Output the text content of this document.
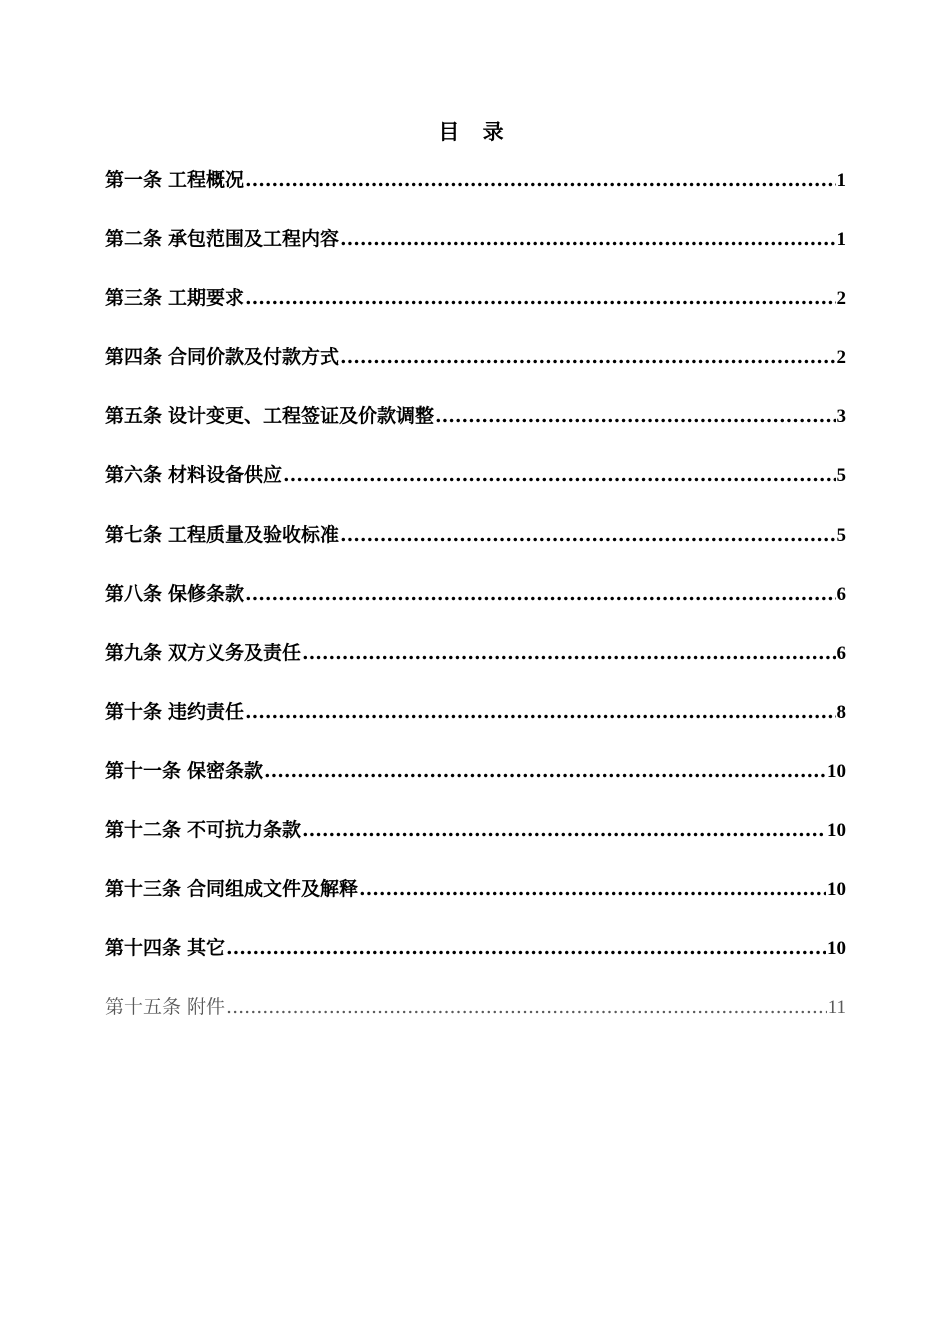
目 录
第一条 工程概况 .....	1
第二条 承包范围及工程内容 .....	1
第三条 工期要求 .....	2
第四条 合同价款及付款方式 .....	2
第五条 设计变更、工程签证及价款调整 .....	3
第六条 材料设备供应 .....	5
第七条 工程质量及验收标准 .....	5
第八条 保修条款 .....	6
第九条 双方义务及责任 .....	6
第十条 违约责任 .....	8
第十一条 保密条款 .....	10
第十二条 不可抗力条款 .....	10
第十三条 合同组成文件及解释 .....	10
第十四条 其它 .....	10
第十五条 附件 .....	11
